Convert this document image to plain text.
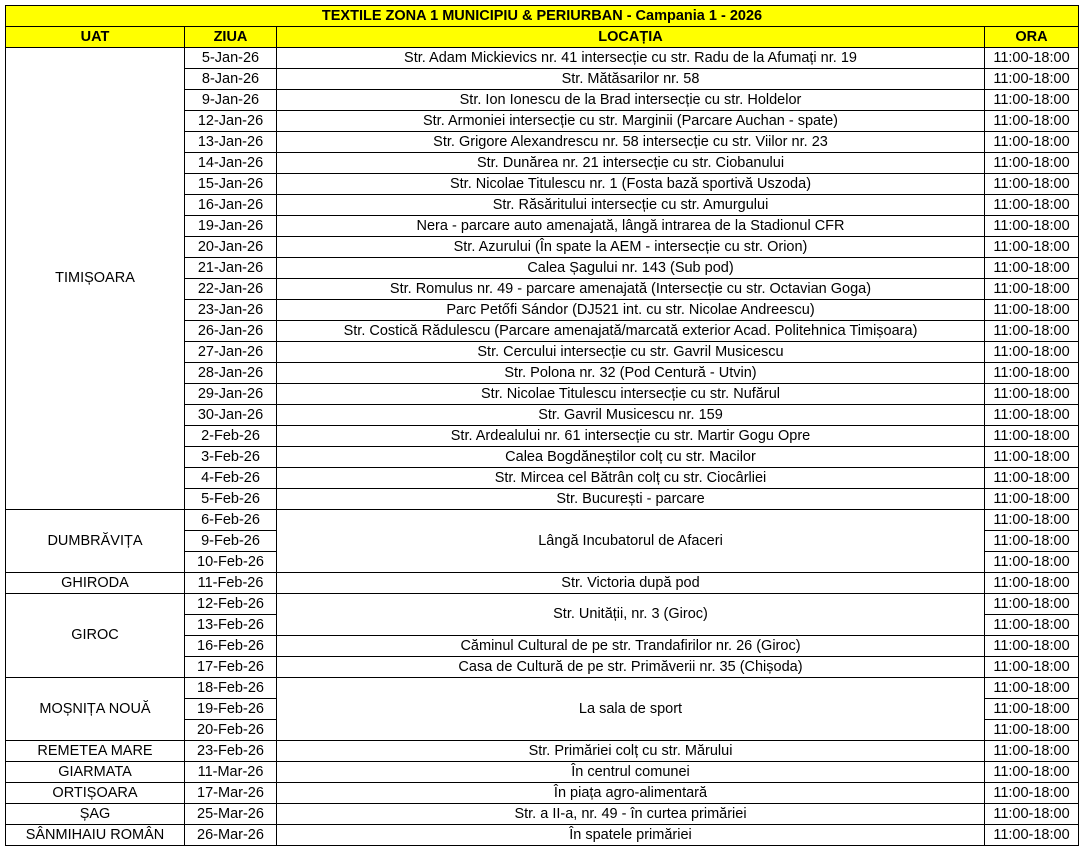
TEXTILE ZONA 1 MUNICIPIU & PERIURBAN - Campania 1 - 2026			
UAT	ZIUA	LOCAȚIA	ORA
TIMIȘOARA	5-Jan-26	Str. Adam Mickievics nr. 41 intersecție cu str. Radu de la Afumați nr. 19	11:00-18:00
	8-Jan-26	Str. Mătăsarilor nr. 58	11:00-18:00
	9-Jan-26	Str. Ion Ionescu de la Brad intersecție cu str. Holdelor	11:00-18:00
	12-Jan-26	Str. Armoniei intersecție cu str. Marginii (Parcare Auchan - spate)	11:00-18:00
	13-Jan-26	Str. Grigore Alexandrescu nr. 58 intersecție cu str. Viilor nr. 23	11:00-18:00
	14-Jan-26	Str. Dunărea nr. 21 intersecție cu str. Ciobanului	11:00-18:00
	15-Jan-26	Str. Nicolae Titulescu nr. 1 (Fosta bază sportivă Uszoda)	11:00-18:00
	16-Jan-26	Str. Răsăritului intersecție cu str. Amurgului	11:00-18:00
	19-Jan-26	Nera - parcare auto amenajată, lângă intrarea de la Stadionul CFR	11:00-18:00
	20-Jan-26	Str. Azurului (În spate la AEM - intersecție cu str. Orion)	11:00-18:00
	21-Jan-26	Calea Șagului nr. 143 (Sub pod)	11:00-18:00
	22-Jan-26	Str. Romulus nr. 49 - parcare amenajată (Intersecție cu str. Octavian Goga)	11:00-18:00
	23-Jan-26	Parc Petőfi Sándor (DJ521 int. cu str. Nicolae Andreescu)	11:00-18:00
	26-Jan-26	Str. Costică Rădulescu (Parcare amenajată/marcată exterior Acad. Politehnica Timișoara)	11:00-18:00
	27-Jan-26	Str. Cercului intersecție cu str. Gavril Musicescu	11:00-18:00
	28-Jan-26	Str. Polona nr. 32 (Pod Centură - Utvin)	11:00-18:00
	29-Jan-26	Str. Nicolae Titulescu intersecție cu str. Nufărul	11:00-18:00
	30-Jan-26	Str. Gavril Musicescu nr. 159	11:00-18:00
	2-Feb-26	Str. Ardealului nr. 61 intersecție cu str. Martir Gogu Opre	11:00-18:00
	3-Feb-26	Calea Bogdăneștilor colț cu str. Macilor	11:00-18:00
	4-Feb-26	Str. Mircea cel Bătrân colț cu str. Ciocârliei	11:00-18:00
	5-Feb-26	Str. București - parcare	11:00-18:00
DUMBRĂVIȚA	6-Feb-26	Lângă Incubatorul de Afaceri	11:00-18:00
	9-Feb-26		11:00-18:00
	10-Feb-26		11:00-18:00
GHIRODA	11-Feb-26	Str. Victoria după pod	11:00-18:00
GIROC	12-Feb-26	Str. Unității, nr. 3 (Giroc)	11:00-18:00
	13-Feb-26		11:00-18:00
	16-Feb-26	Căminul Cultural de pe str. Trandafirilor nr. 26 (Giroc)	11:00-18:00
	17-Feb-26	Casa de Cultură de pe str. Primăverii nr. 35 (Chișoda)	11:00-18:00
MOȘNIȚA NOUĂ	18-Feb-26	La sala de sport	11:00-18:00
	19-Feb-26		11:00-18:00
	20-Feb-26		11:00-18:00
REMETEA MARE	23-Feb-26	Str. Primăriei colț cu str. Mărului	11:00-18:00
GIARMATA	11-Mar-26	În centrul comunei	11:00-18:00
ORTIȘOARA	17-Mar-26	În piața agro-alimentară	11:00-18:00
ȘAG	25-Mar-26	Str. a II-a, nr. 49 - în curtea primăriei	11:00-18:00
SÂNMIHAIU ROMÂN	26-Mar-26	În spatele primăriei	11:00-18:00
